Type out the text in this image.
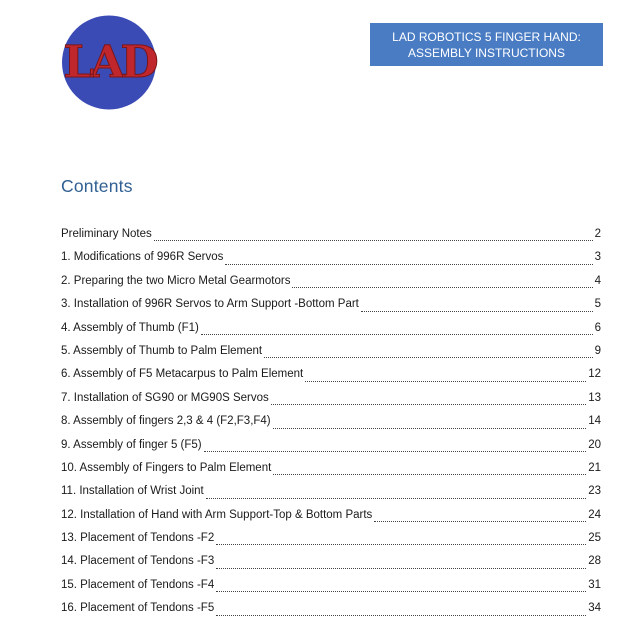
LAD	LAD ROBOTICS 5 FINGER HAND:
ASSEMBLY INSTRUCTIONS
Contents
Preliminary Notes	2
1. Modifications of 996R Servos	3
2. Preparing the two Micro Metal Gearmotors	4
3. Installation of 996R Servos to Arm Support -Bottom Part	5
4. Assembly of Thumb (F1)	6
5. Assembly of Thumb to Palm Element	9
6. Assembly of F5 Metacarpus to Palm Element	12
7. Installation of SG90 or MG90S Servos	13
8. Assembly of fingers 2,3 & 4 (F2,F3,F4)	14
9. Assembly of finger 5 (F5)	20
10. Assembly of Fingers to Palm Element	21
11. Installation of Wrist Joint	23
12. Installation of Hand with Arm Support-Top & Bottom Parts	24
13. Placement of Tendons -F2	25
14. Placement of Tendons -F3	28
15. Placement of Tendons -F4	31
16. Placement of Tendons -F5	34
